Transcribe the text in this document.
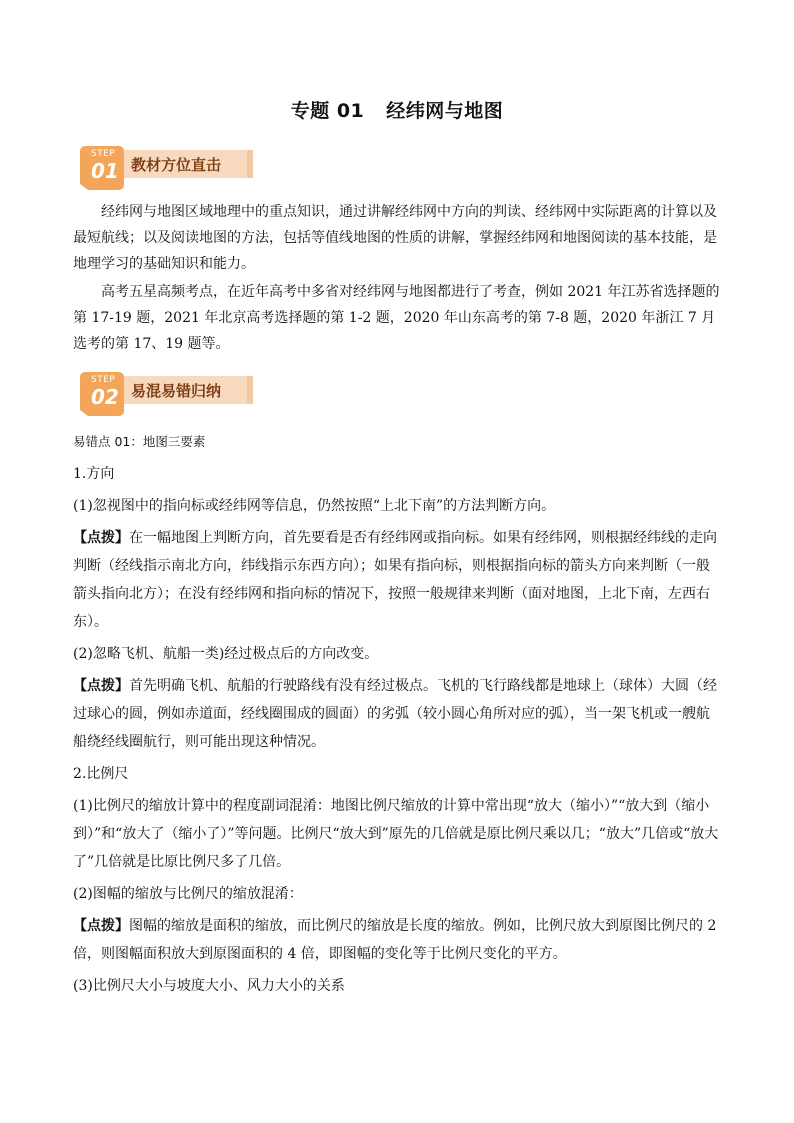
专题 01 经纬网与地图
STEP
01 教材方位直击

经纬网与地图区域地理中的重点知识，通过讲解经纬网中方向的判读、经纬网中实际距离的计算以及最短航线；以及阅读地图的方法，包括等值线地图的性质的讲解，掌握经纬网和地图阅读的基本技能，是地理学习的基础知识和能力。

高考五星高频考点，在近年高考中多省对经纬网与地图都进行了考查，例如 2021 年江苏省选择题的第 17-19 题，2021 年北京高考选择题的第 1-2 题，2020 年山东高考的第 7-8 题，2020 年浙江 7 月选考的第 17、19 题等。

STEP
02 易混易错归纳

易错点 01：地图三要素

1.方向

(1)忽视图中的指向标或经纬网等信息，仍然按照“上北下南”的方法判断方向。

【点拨】在一幅地图上判断方向，首先要看是否有经纬网或指向标。如果有经纬网，则根据经纬线的走向判断（经线指示南北方向，纬线指示东西方向）；如果有指向标，则根据指向标的箭头方向来判断（一般箭头指向北方）；在没有经纬网和指向标的情况下，按照一般规律来判断（面对地图，上北下南，左西右东）。

(2)忽略飞机、航船一类)经过极点后的方向改变。

【点拨】首先明确飞机、航船的行驶路线有没有经过极点。飞机的飞行路线都是地球上（球体）大圆（经过球心的圆，例如赤道面，经线圈围成的圆面）的劣弧（较小圆心角所对应的弧），当一架飞机或一艘航船绕经线圈航行，则可能出现这种情况。

2.比例尺

(1)比例尺的缩放计算中的程度副词混淆：地图比例尺缩放的计算中常出现“放大（缩小）”“放大到（缩小到）”和“放大了（缩小了）”等问题。比例尺“放大到”原先的几倍就是原比例尺乘以几；“放大”几倍或“放大了”几倍就是比原比例尺多了几倍。

(2)图幅的缩放与比例尺的缩放混淆：

【点拨】图幅的缩放是面积的缩放，而比例尺的缩放是长度的缩放。例如，比例尺放大到原图比例尺的 2 倍，则图幅面积放大到原图面积的 4 倍，即图幅的变化等于比例尺变化的平方。

(3)比例尺大小与坡度大小、风力大小的关系
